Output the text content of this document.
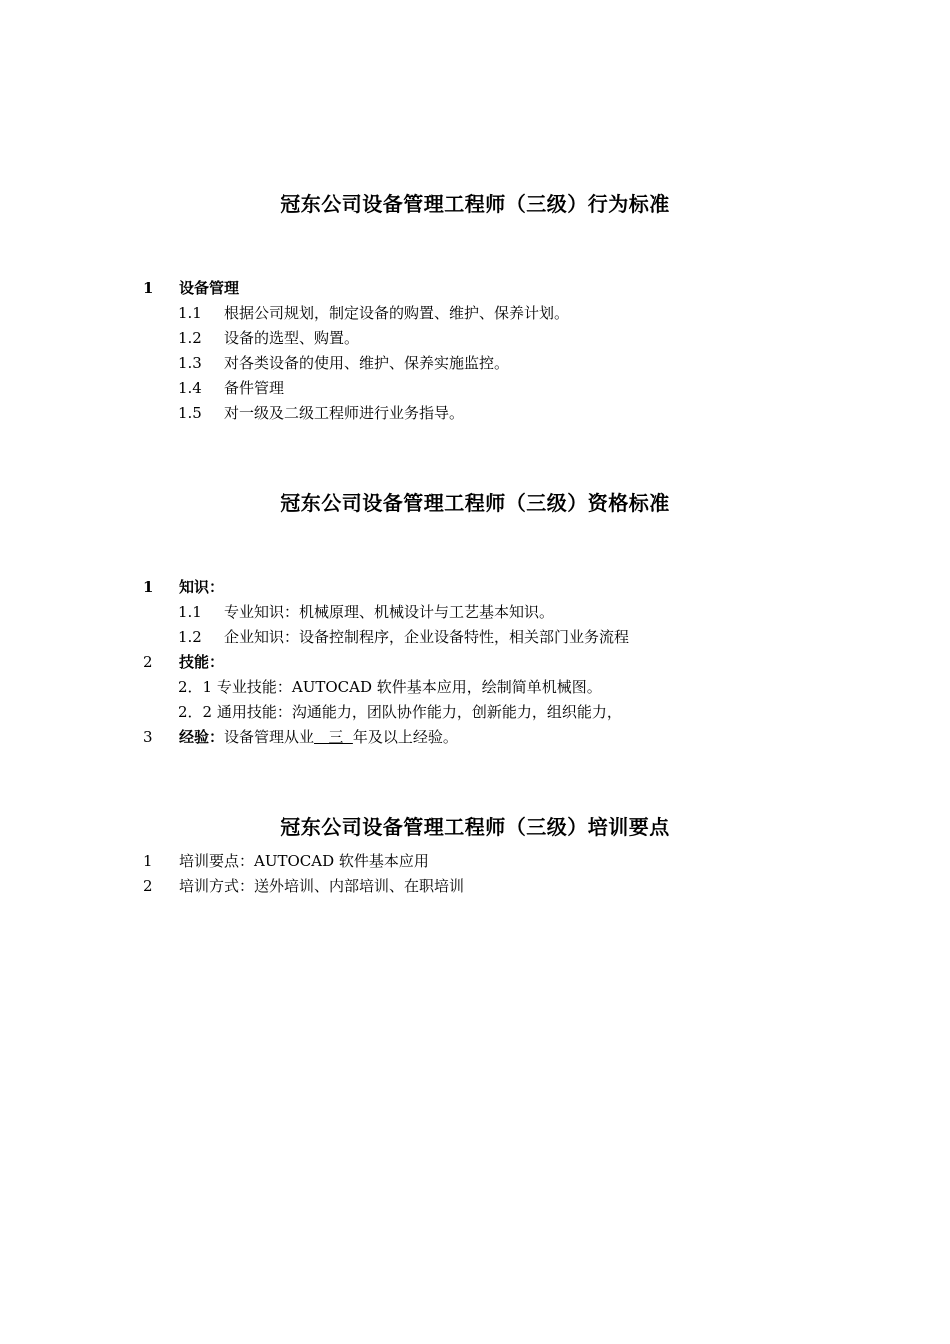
冠东公司设备管理工程师（三级）行为标准
1 设备管理
1.1 根据公司规划，制定设备的购置、维护、保养计划。
1.2 设备的选型、购置。
1.3 对各类设备的使用、维护、保养实施监控。
1.4 备件管理
1.5 对一级及二级工程师进行业务指导。
冠东公司设备管理工程师（三级）资格标准
1 知识：
1.1 专业知识：机械原理、机械设计与工艺基本知识。
1.2 企业知识：设备控制程序，企业设备特性，相关部门业务流程
2 技能：
2．1 专业技能：AUTOCAD 软件基本应用，绘制简单机械图。
2．2 通用技能：沟通能力，团队协作能力，创新能力，组织能力，
3 经验：设备管理从业   三  年及以上经验。
冠东公司设备管理工程师（三级）培训要点
1 培训要点：AUTOCAD 软件基本应用
2 培训方式：送外培训、内部培训、在职培训
